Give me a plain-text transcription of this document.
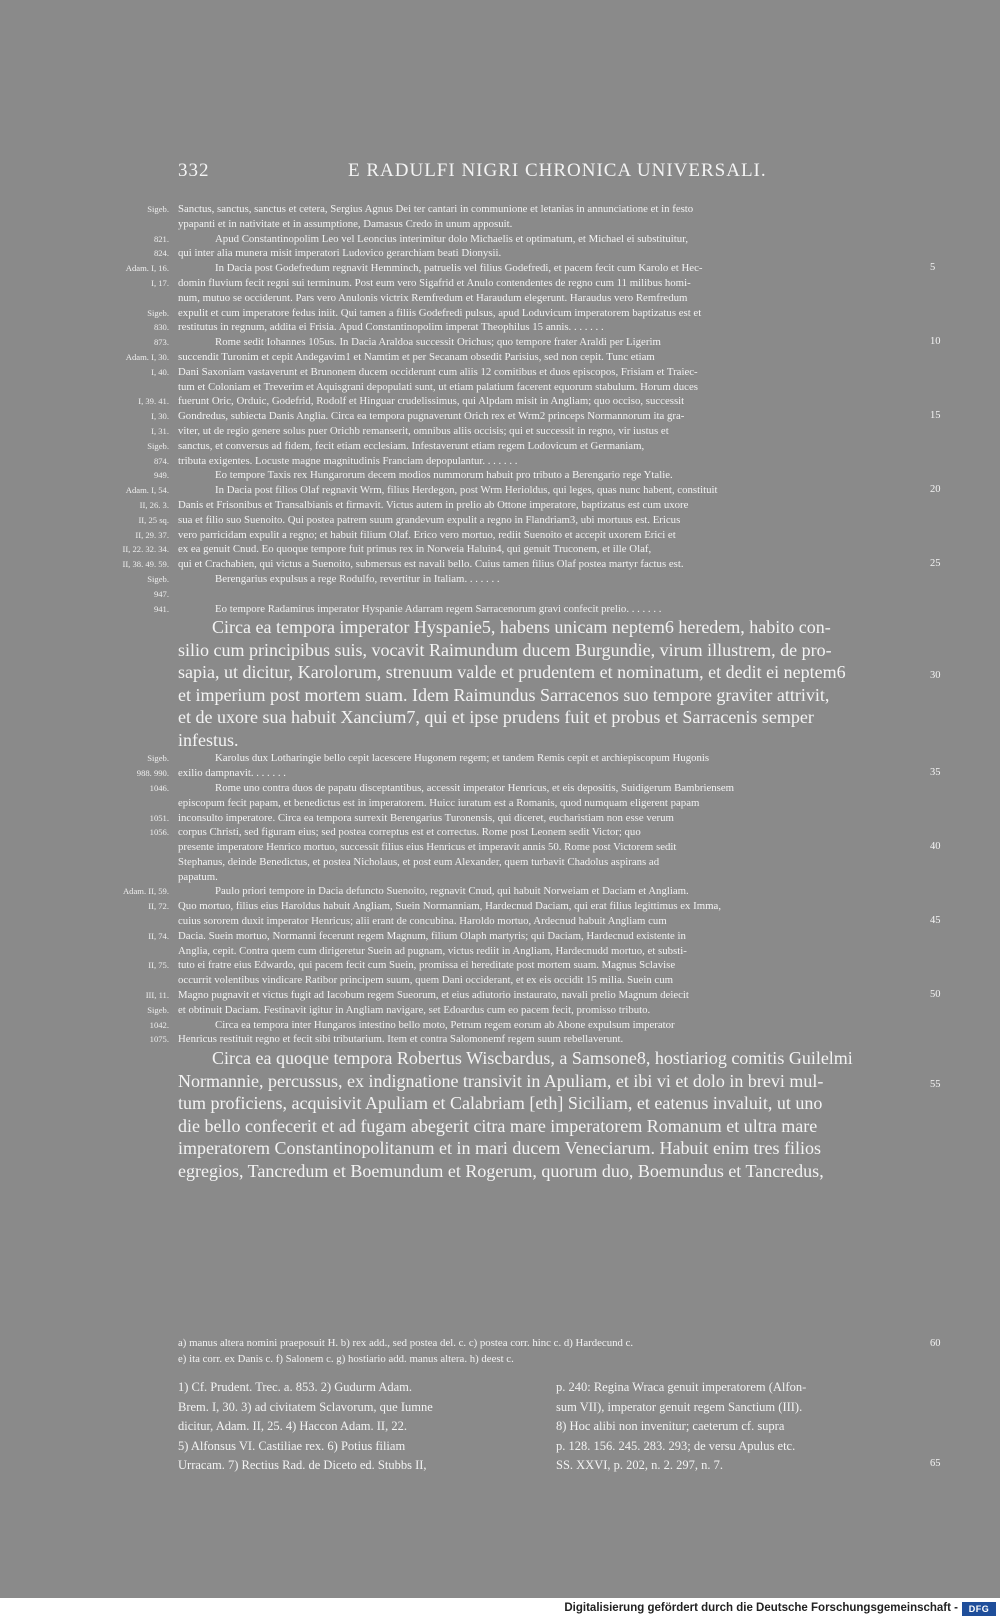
332	E RADULFI NIGRI CHRONICA UNIVERSALI.
Sigeb. Sanctus, sanctus, sanctus et cetera, Sergius Agnus Dei ter cantari in communione et letanias in annunciatione et in festo
ypapanti et in nativitate et in assumptione, Damasus Credo in unum apposuit.
821.	Apud Constantinopolim Leo vel Leoncius interimitur dolo Michaelis et optimatum, et Michael ei substituitur,
824. qui inter alia munera misit imperatori Ludovico gerarchiam beati Dionysii.
Adam. I, 16.	In Dacia post Godefredum regnavit Hemminch, patruelis vel filius Godefredi, et pacem fecit cum Karolo et Hec-	5
I, 17. domin fluvium fecit regni sui terminum. Post eum vero Sigafrid et Anulo contendentes de regno cum 11 milibus homi-
num, mutuo se occiderunt. Pars vero Anulonis victrix Remfredum et Haraudum elegerunt. Haraudus vero Remfredum
Sigeb. expulit et cum imperatore fedus iniit. Qui tamen a filiis Godefredi pulsus, apud Loduvicum imperatorem baptizatus est et
830. restitutus in regnum, addita ei Frisia. Apud Constantinopolim imperat Theophilus 15 annis. . . . . . .
873.	Rome sedit Iohannes 105us. In Dacia Araldoa successit Orichus; quo tempore frater Araldi per Ligerim	10
Adam. I, 30. succendit Turonim et cepit Andegavim1 et Namtim et per Secanam obsedit Parisius, sed non cepit. Tunc etiam
I, 40. Dani Saxoniam vastaverunt et Brunonem ducem occiderunt cum aliis 12 comitibus et duos episcopos, Frisiam et Traiec-
tum et Coloniam et Treverim et Aquisgrani depopulati sunt, ut etiam palatium facerent equorum stabulum. Horum duces
I, 39. 41. fuerunt Oric, Orduic, Godefrid, Rodolf et Hinguar crudelissimus, qui Alpdam misit in Angliam; quo occiso, successit
I, 30. Gondredus, subiecta Danis Anglia. Circa ea tempora pugnaverunt Orich rex et Wrm2 princeps Normannorum ita gra-	15
I, 31. viter, ut de regio genere solus puer Orichb remanserit, omnibus aliis occisis; qui et successit in regno, vir iustus et
Sigeb. sanctus, et conversus ad fidem, fecit etiam ecclesiam. Infestaverunt etiam regem Lodovicum et Germaniam,
874. tributa exigentes. Locuste magne magnitudinis Franciam depopulantur. . . . . . .
949.	Eo tempore Taxis rex Hungarorum decem modios nummorum habuit pro tributo a Berengario rege Ytalie.
Adam. I, 54.	In Dacia post filios Olaf regnavit Wrm, filius Herdegon, post Wrm Herioldus, qui leges, quas nunc habent, constituit	20
II, 26. 3. Danis et Frisonibus et Transalbianis et firmavit. Victus autem in prelio ab Ottone imperatore, baptizatus est cum uxore
II, 25 sq. sua et filio suo Suenoito. Qui postea patrem suum grandevum expulit a regno in Flandriam3, ubi mortuus est. Ericus
II, 29. 37. vero parricidam expulit a regno; et habuit filium Olaf. Erico vero mortuo, rediit Suenoito et accepit uxorem Erici et
II, 22. 32. 34. ex ea genuit Cnud. Eo quoque tempore fuit primus rex in Norweia Haluin4, qui genuit Truconem, et ille Olaf,
II, 38. 49. 59. qui et Crachabien, qui victus a Suenoito, submersus est navali bello. Cuius tamen filius Olaf postea martyr factus est.	25
Sigeb.	Berengarius expulsus a rege Rodulfo, revertitur in Italiam. . . . . . .
947.
941.	Eo tempore Radamirus imperator Hyspanie Adarram regem Sarracenorum gravi confecit prelio. . . . . . .
Circa ea tempora imperator Hyspanie5, habens unicam neptem6 heredem, habito con-
silio cum principibus suis, vocavit Raimundum ducem Burgundie, virum illustrem, de pro-
sapia, ut dicitur, Karolorum, strenuum valde et prudentem et nominatum, et dedit ei neptem6	30
et imperium post mortem suam. Idem Raimundus Sarracenos suo tempore graviter attrivit,
et de uxore sua habuit Xancium7, qui et ipse prudens fuit et probus et Sarracenis semper
infestus.
Sigeb.	Karolus dux Lotharingie bello cepit lacescere Hugonem regem; et tandem Remis cepit et archiepiscopum Hugonis
988. 990. exilio dampnavit. . . . . . .	35
1046.	Rome uno contra duos de papatu disceptantibus, accessit imperator Henricus, et eis depositis, Suidigerum Bambriensem
episcopum fecit papam, et benedictus est in imperatorem. Huicc iuratum est a Romanis, quod numquam eligerent papam
1051. inconsulto imperatore. Circa ea tempora surrexit Berengarius Turonensis, qui diceret, eucharistiam non esse verum
1056. corpus Christi, sed figuram eius; sed postea correptus est et correctus. Rome post Leonem sedit Victor; quo
presente imperatore Henrico mortuo, successit filius eius Henricus et imperavit annis 50. Rome post Victorem sedit	40
Stephanus, deinde Benedictus, et postea Nicholaus, et post eum Alexander, quem turbavit Chadolus aspirans ad
papatum.
Adam. II, 59.	Paulo priori tempore in Dacia defuncto Suenoito, regnavit Cnud, qui habuit Norweiam et Daciam et Angliam.
II, 72. Quo mortuo, filius eius Haroldus habuit Angliam, Suein Normanniam, Hardecnud Daciam, qui erat filius legittimus ex Imma,
cuius sororem duxit imperator Henricus; alii erant de concubina. Haroldo mortuo, Ardecnud habuit Angliam cum	45
II, 74. Dacia. Suein mortuo, Normanni fecerunt regem Magnum, filium Olaph martyris; qui Daciam, Hardecnud existente in
Anglia, cepit. Contra quem cum dirigeretur Suein ad pugnam, victus rediit in Angliam, Hardecnudd mortuo, et substi-
II, 75. tuto ei fratre eius Edwardo, qui pacem fecit cum Suein, promissa ei hereditate post mortem suam. Magnus Sclavise
occurrit volentibus vindicare Ratibor principem suum, quem Dani occiderant, et ex eis occidit 15 milia. Suein cum
III, 11. Magno pugnavit et victus fugit ad Iacobum regem Sueorum, et eius adiutorio instaurato, navali prelio Magnum deiecit	50
Sigeb. et obtinuit Daciam. Festinavit igitur in Angliam navigare, set Edoardus cum eo pacem fecit, promisso tributo.
1042.	Circa ea tempora inter Hungaros intestino bello moto, Petrum regem eorum ab Abone expulsum imperator
1075. Henricus restituit regno et fecit sibi tributarium. Item et contra Salomonemf regem suum rebellaverunt.
Circa ea quoque tempora Robertus Wiscbardus, a Samsone8, hostiariog comitis Guilelmi
Normannie, percussus, ex indignatione transivit in Apuliam, et ibi vi et dolo in brevi mul-	55
tum proficiens, acquisivit Apuliam et Calabriam [eth] Siciliam, et eatenus invaluit, ut uno
die bello confecerit et ad fugam abegerit citra mare imperatorem Romanum et ultra mare
imperatorem Constantinopolitanum et in mari ducem Veneciarum. Habuit enim tres filios
egregios, Tancredum et Boemundum et Rogerum, quorum duo, Boemundus et Tancredus,
a) manus altera nomini praeposuit H. b) rex add., sed postea del. c. c) postea corr. hinc c. d) Hardecund c.	60
e) ita corr. ex Danis c. f) Salonem c. g) hostiario add. manus altera. h) deest c.
1) Cf. Prudent. Trec. a. 853. 2) Gudurm Adam.
Brem. I, 30. 3) ad civitatem Sclavorum, que Iumne
dicitur, Adam. II, 25. 4) Haccon Adam. II, 22.
5) Alfonsus VI. Castiliae rex. 6) Potius filiam
Urracam. 7) Rectius Rad. de Diceto ed. Stubbs II,
p. 240: Regina Wraca genuit imperatorem (Alfon-
sum VII), imperator genuit regem Sanctium (III).
8) Hoc alibi non invenitur; caeterum cf. supra
p. 128. 156. 245. 283. 293; de versu Apulus etc.
SS. XXVI, p. 202, n. 2. 297, n. 7.	65
Digitalisierung gefördert durch die Deutsche Forschungsgemeinschaft -	DFG
